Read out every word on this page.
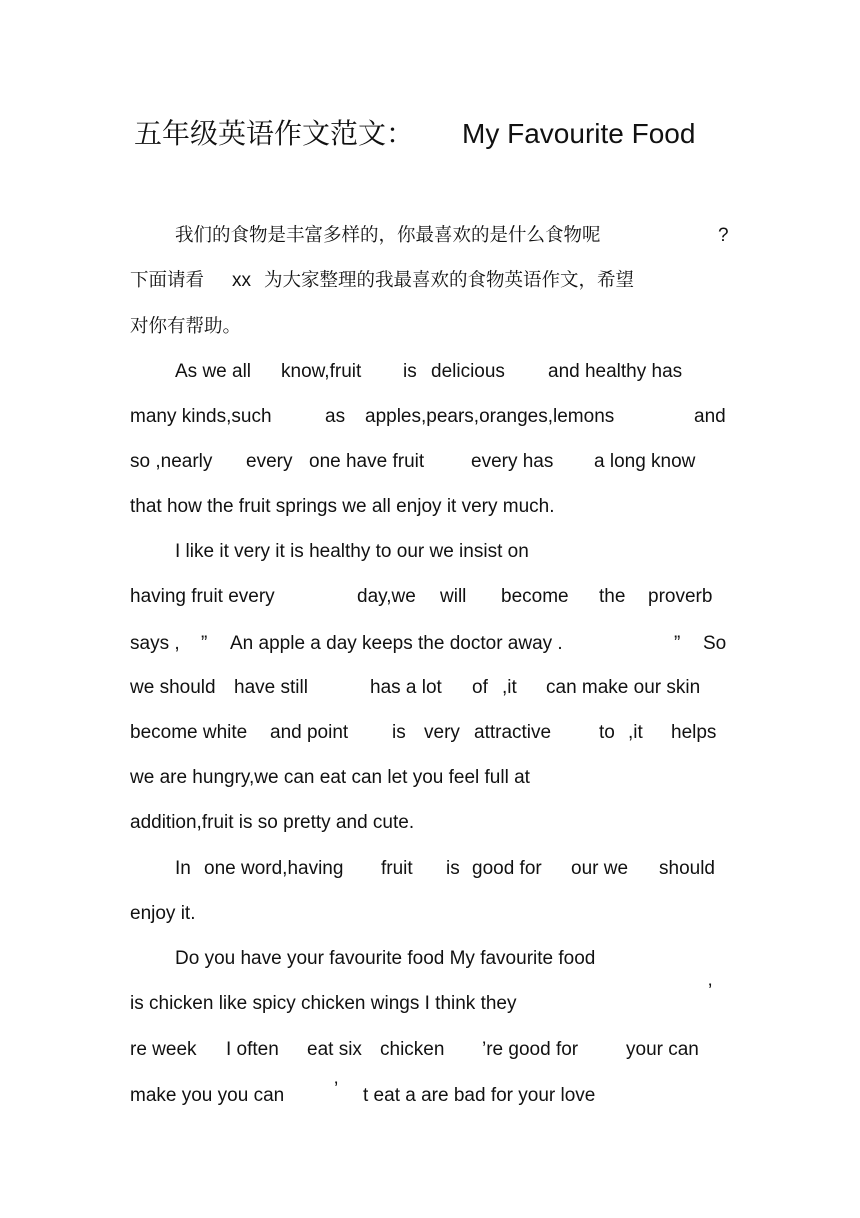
五年级英语作文范文： My Favourite Food
我们的食物是丰富多样的，你最喜欢的是什么食物呢	?
下面请看 xx 为大家整理的我最喜欢的食物英语作文，希望
对你有帮助。
As we all know,fruit is delicious and healthy has
many kinds,such	as apples,pears,oranges,lemons	and
so ,nearly every one have fruit every has a long know
that how the fruit springs we all enjoy it very much.
I like it very it is healthy to our we insist on
having fruit every	day,we will become the proverb
says , ” An apple a day keeps the doctor away .	” So
we should have still	has a lot of ,it can make our skin
become white and point is very attractive	to ,it helps
we are hungry,we can eat can let you feel full at
addition,fruit is so pretty and cute.
In one word,having fruit is good for our we should
enjoy it.
Do you have your favourite food My favourite food
is chicken like spicy chicken wings I think they
’
re week I often eat six chicken ’re good for	your can
make you you can	’ t eat a are bad for your love
